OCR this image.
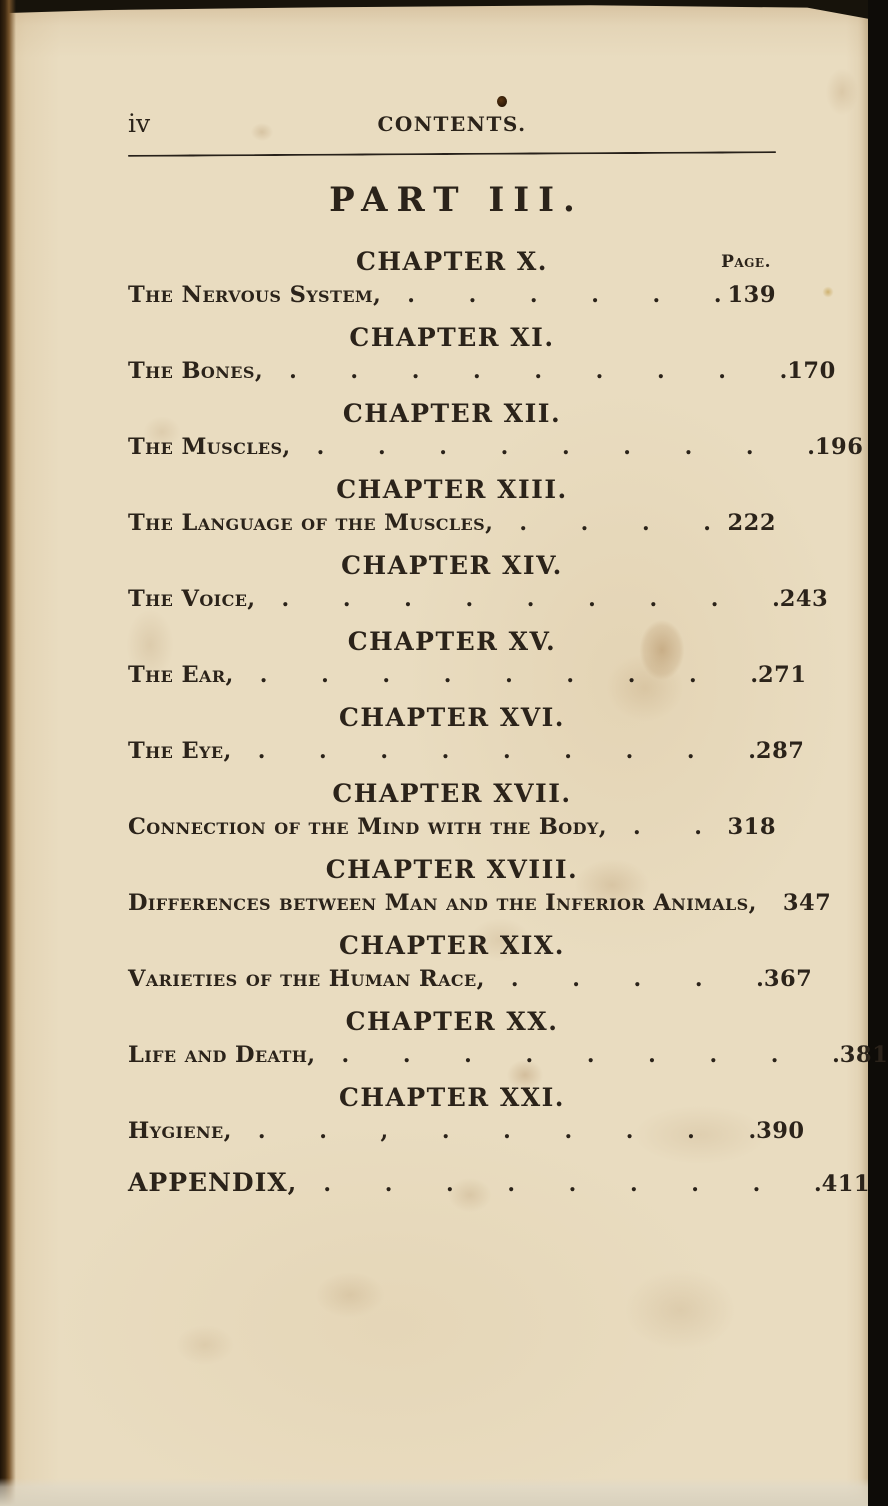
iv	CONTENTS.
PART III.
CHAPTER X.	Page.
The Nervous System,	. . . . . . 139
CHAPTER XI.
The Bones,	. . . . . . . . . 170
CHAPTER XII.
The Muscles,	. . . . . . . . . 196
CHAPTER XIII.
The Language of the Muscles,	. . . . 222
CHAPTER XIV.
The Voice,	. . . . . . . . . 243
CHAPTER XV.
The Ear,	. . . . . . . . . 271
CHAPTER XVI.
The Eye,	. . . . . . . . . 287
CHAPTER XVII.
Connection of the Mind with the Body,	. .	318
CHAPTER XVIII.
Differences between Man and the Inferior Animals, 347
CHAPTER XIX.
Varieties of the Human Race,	. . . . . 367
CHAPTER XX.
Life and Death,	. . . . . . . . . 381
CHAPTER XXI.
Hygiene,	. . , . . . . . . 390
APPENDIX,	. . . . . . . . . 411
